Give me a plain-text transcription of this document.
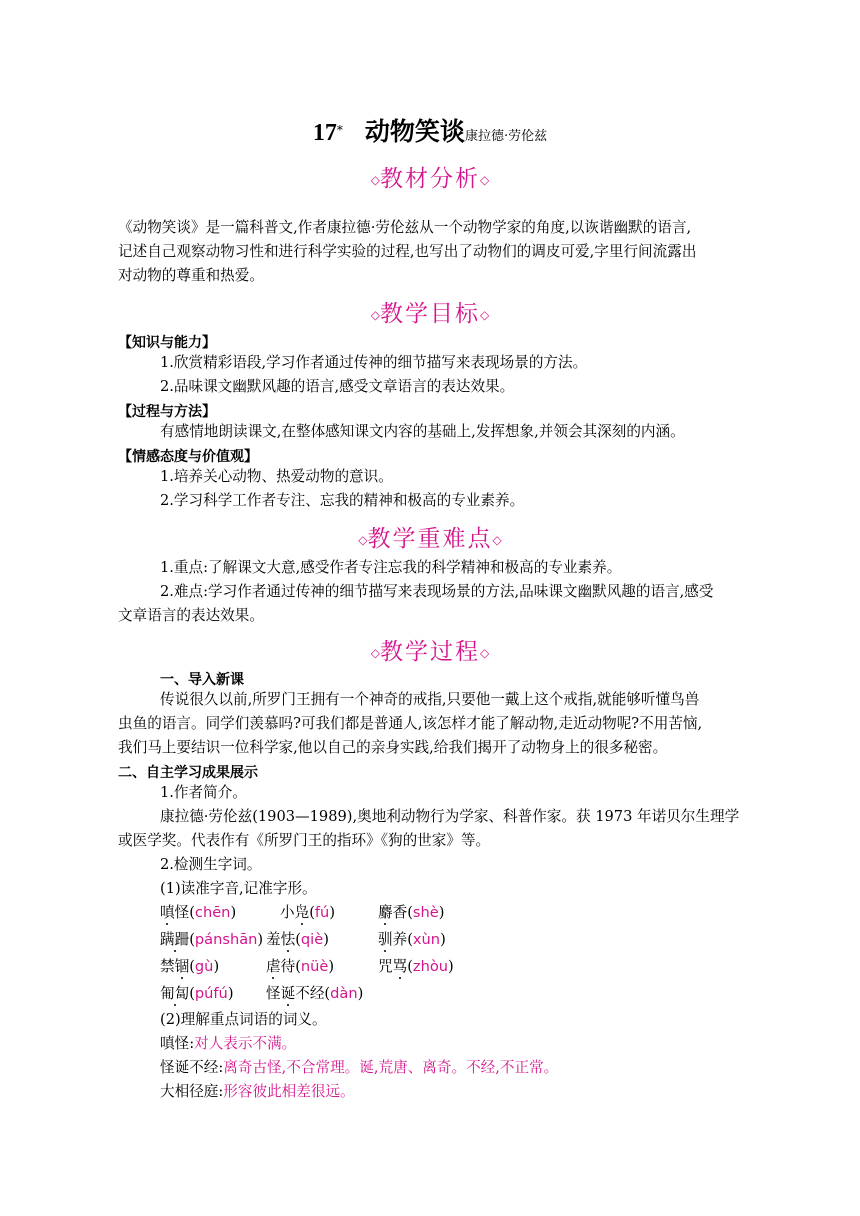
17* 动物笑谈康拉德·劳伦兹
◇教材分析◇
《动物笑谈》是一篇科普文,作者康拉德·劳伦兹从一个动物学家的角度,以诙谐幽默的语言,
记述自己观察动物习性和进行科学实验的过程,也写出了动物们的调皮可爱,字里行间流露出
对动物的尊重和热爱。
◇教学目标◇
【知识与能力】
1.欣赏精彩语段,学习作者通过传神的细节描写来表现场景的方法。
2.品味课文幽默风趣的语言,感受文章语言的表达效果。
【过程与方法】
有感情地朗读课文,在整体感知课文内容的基础上,发挥想象,并领会其深刻的内涵。
【情感态度与价值观】
1.培养关心动物、热爱动物的意识。
2.学习科学工作者专注、忘我的精神和极高的专业素养。
◇教学重难点◇
1.重点:了解课文大意,感受作者专注忘我的科学精神和极高的专业素养。
2.难点:学习作者通过传神的细节描写来表现场景的方法,品味课文幽默风趣的语言,感受
文章语言的表达效果。
◇教学过程◇
一、导入新课
传说很久以前,所罗门王拥有一个神奇的戒指,只要他一戴上这个戒指,就能够听懂鸟兽
虫鱼的语言。同学们羡慕吗?可我们都是普通人,该怎样才能了解动物,走近动物呢?不用苦恼,
我们马上要结识一位科学家,他以自己的亲身实践,给我们揭开了动物身上的很多秘密。
二、自主学习成果展示
1.作者简介。
康拉德·劳伦兹(1903—1989),奥地利动物行为学家、科普作家。获 1973 年诺贝尔生理学
或医学奖。代表作有《所罗门王的指环》《狗的世家》等。
2.检测生字词。
(1)读准字音,记准字形。
嗔怪(chēn)	小凫(fú)	麝香(shè)
蹒跚(pánshān) 羞怯(qiè)	驯养(xùn)
禁锢(gù)	虐待(nüè)	咒骂(zhòu)
匍匐(púfú) 怪诞不经(dàn)
(2)理解重点词语的词义。
嗔怪:对人表示不满。
怪诞不经:离奇古怪,不合常理。诞,荒唐、离奇。不经,不正常。
大相径庭:形容彼此相差很远。
